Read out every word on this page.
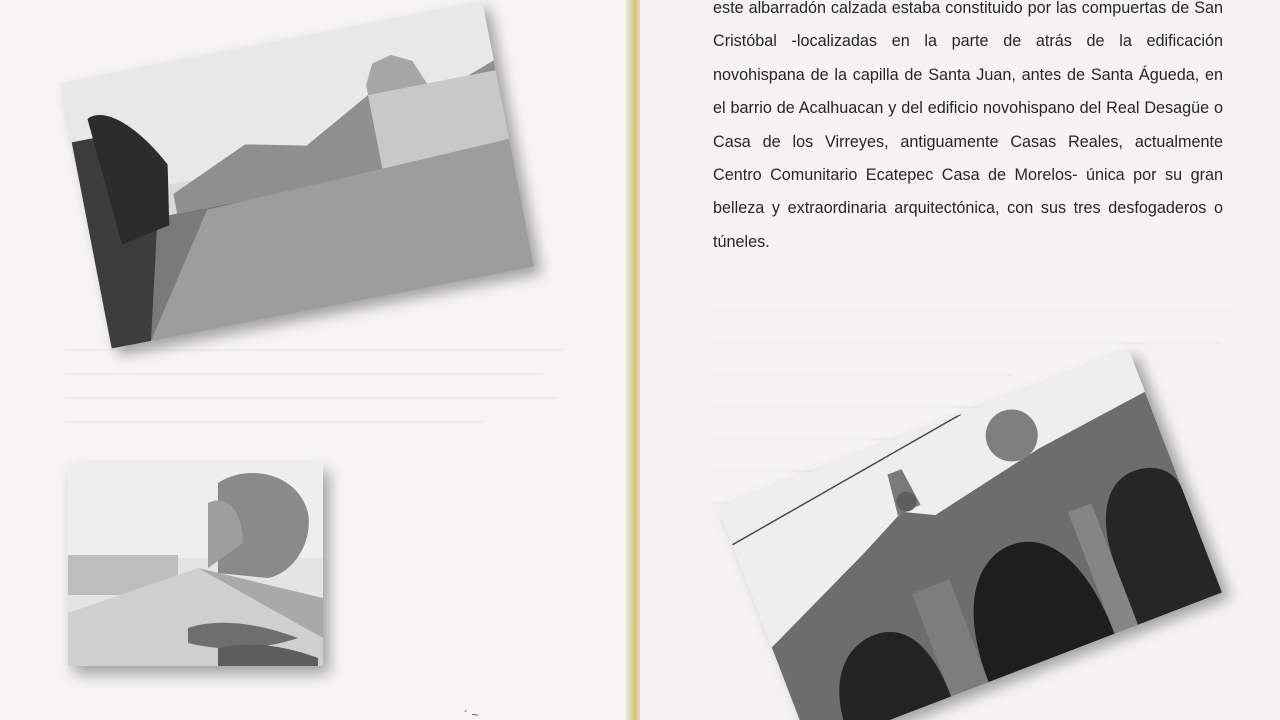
´ ~
este albarradón calzada estaba constituido por las compuertas de San Cristóbal -localizadas en la parte de atrás de la edificación novohispana de la capilla de Santa Juan, antes de Santa Águeda, en el barrio de Acalhuacan y del edificio novohispano del Real Desagüe o Casa de los Virreyes, antiguamente Casas Reales, actualmente Centro Comunitario Ecatepec Casa de Morelos- única por su gran belleza y extraordinaria arquitectónica, con sus tres desfogaderos o túneles.
